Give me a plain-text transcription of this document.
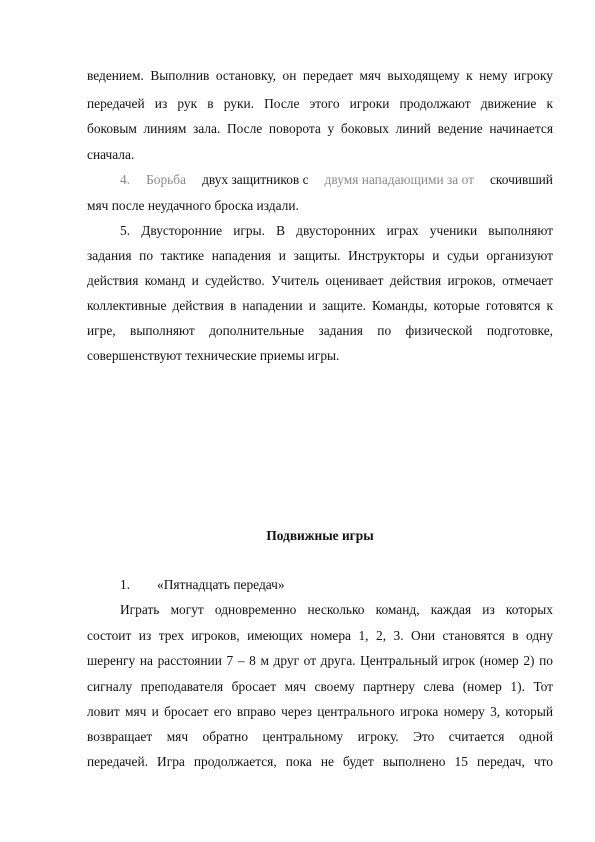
ведением. Выполнив остановку, он передает мяч выходящему к нему игроку
передачей из рук в руки. После этого игроки продолжают движение к
боковым линиям зала. После поворота у боковых линий ведение начинается
сначала.
4. Борьба двух защитников с двумя нападающими за от скочивший
мяч после неудачного броска издали.
5. Двусторонние игры. В двусторонних играх ученики выполняют
задания по тактике нападения и защиты. Инструкторы и судьи организуют
действия команд и судейство. Учитель оценивает действия игроков, отмечает
коллективные действия в нападении и защите. Команды, которые готовятся к
игре, выполняют дополнительные задания по физической подготовке,
совершенствуют технические приемы игры.
Подвижные игры
1. «Пятнадцать передач»
Играть могут одновременно несколько команд, каждая из которых
состоит из трех игроков, имеющих номера 1, 2, 3. Они становятся в одну
шеренгу на расстоянии 7 – 8 м друг от друга. Центральный игрок (номер 2) по
сигналу преподавателя бросает мяч своему партнеру слева (номер 1). Тот
ловит мяч и бросает его вправо через центрального игрока номеру 3, который
возвращает мяч обратно центральному игроку. Это считается одной
передачей. Игра продолжается, пока не будет выполнено 15 передач, что
